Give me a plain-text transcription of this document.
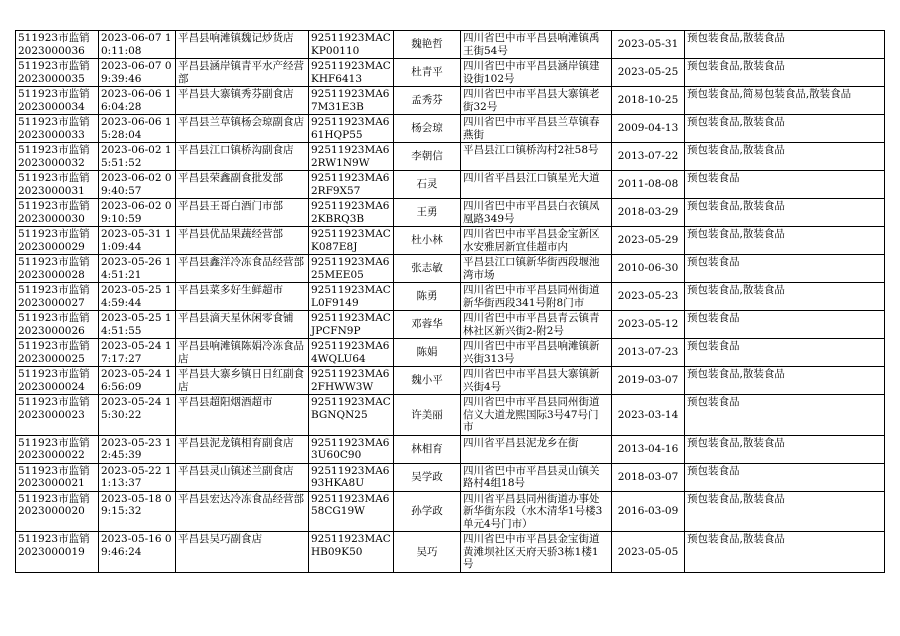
511923市监销2023000036	2023-06-07 10:11:08	平昌县响滩镇魏记炒货店	92511923MACKP00110	魏艳哲	四川省巴中市平昌县响滩镇禹王街54号	2023-05-31	预包装食品,散装食品
511923市监销2023000035	2023-06-07 09:39:46	平昌县涵岸镇青平水产经营部	92511923MACKHF6413	杜青平	四川省巴中市平昌县涵岸镇建设街102号	2023-05-25	预包装食品,散装食品
511923市监销2023000034	2023-06-06 16:04:28	平昌县大寨镇秀芬副食店	92511923MA67M31E3B	孟秀芬	四川省巴中市平昌县大寨镇老街32号	2018-10-25	预包装食品,简易包装食品,散装食品
511923市监销2023000033	2023-06-06 15:28:04	平昌县兰草镇杨会琼副食店	92511923MA661HQP55	杨会琼	四川省巴中市平昌县兰草镇春燕街	2009-04-13	预包装食品,散装食品
511923市监销2023000032	2023-06-02 15:51:52	平昌县江口镇桥沟副食店	92511923MA62RW1N9W	李朝信	平昌县江口镇桥沟村2社58号	2013-07-22	预包装食品,散装食品
511923市监销2023000031	2023-06-02 09:40:57	平昌县荣鑫副食批发部	92511923MA62RF9X57	石灵	四川省平昌县江口镇星光大道	2011-08-08	预包装食品
511923市监销2023000030	2023-06-02 09:10:59	平昌县王哥白酒门市部	92511923MA62KBRQ3B	王勇	四川省巴中市平昌县白衣镇凤凰路349号	2018-03-29	预包装食品,散装食品
511923市监销2023000029	2023-05-31 11:09:44	平昌县优品果蔬经营部	92511923MACK087E8J	杜小林	四川省巴中市平昌县金宝新区水安雅居新宜佳超市内	2023-05-29	预包装食品,散装食品
511923市监销2023000028	2023-05-26 14:51:21	平昌县鑫洋冷冻食品经营部	92511923MA625MEE05	张志敏	平昌县江口镇新华街西段堰池湾市场	2010-06-30	预包装食品
511923市监销2023000027	2023-05-25 14:59:44	平昌县菜多好生鲜超市	92511923MACL0F9149	陈勇	四川省巴中市平昌县同州街道新华街西段341号附8门市	2023-05-23	预包装食品,散装食品
511923市监销2023000026	2023-05-25 14:51:55	平昌县滴天星休闲零食铺	92511923MACJPCFN9P	邓蓉华	四川省巴中市平昌县青云镇青林社区新兴街2-附2号	2023-05-12	预包装食品
511923市监销2023000025	2023-05-24 17:17:27	平昌县响滩镇陈娟冷冻食品店	92511923MA64WQLU64	陈娟	四川省巴中市平昌县响滩镇新兴街313号	2013-07-23	预包装食品
511923市监销2023000024	2023-05-24 16:56:09	平昌县大寨乡镇日日红副食店	92511923MA62FHWW3W	魏小平	四川省巴中市平昌县大寨镇新兴街4号	2019-03-07	预包装食品,散装食品
511923市监销2023000023	2023-05-24 15:30:22	平昌县超阳烟酒超市	92511923MACBGNQN25	许美丽	四川省巴中市平昌县同州街道信义大道龙熙国际3号47号门市	2023-03-14	预包装食品
511923市监销2023000022	2023-05-23 12:45:39	平昌县泥龙镇相育副食店	92511923MA63U60C90	林相育	四川省平昌县泥龙乡在街	2013-04-16	预包装食品,散装食品
511923市监销2023000021	2023-05-22 11:13:37	平昌县灵山镇述兰副食店	92511923MA693HKA8U	吴学政	四川省巴中市平昌县灵山镇关路村4组18号	2018-03-07	预包装食品
511923市监销2023000020	2023-05-18 09:15:32	平昌县宏达冷冻食品经营部	92511923MA658CG19W	孙学政	四川省平昌县同州街道办事处新华街东段（水木清华1号楼3单元4号门市）	2016-03-09	预包装食品,散装食品
511923市监销2023000019	2023-05-16 09:46:24	平昌县吴巧副食店	92511923MACHB09K50	吴巧	四川省巴中市平昌县金宝街道黄滩坝社区天府天骄3栋1楼1号	2023-05-05	预包装食品,散装食品
